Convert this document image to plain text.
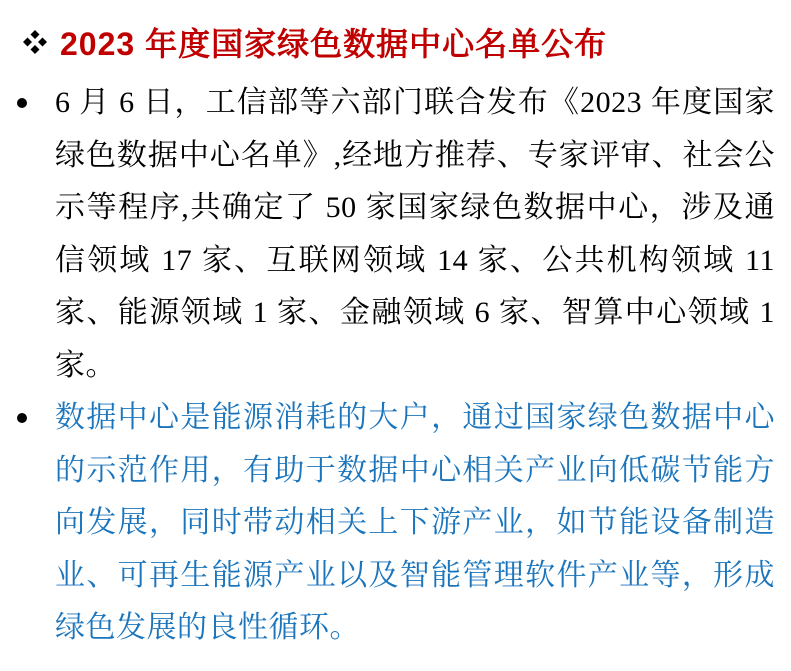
2023 年度国家绿色数据中心名单公布
6 月 6 日，工信部等六部门联合发布《2023 年度国家绿色数据中心名单》,经地方推荐、专家评审、社会公示等程序,共确定了 50 家国家绿色数据中心，涉及通信领域 17 家、互联网领域 14 家、公共机构领域 11 家、能源领域 1 家、金融领域 6 家、智算中心领域 1 家。
数据中心是能源消耗的大户，通过国家绿色数据中心的示范作用，有助于数据中心相关产业向低碳节能方向发展，同时带动相关上下游产业，如节能设备制造业、可再生能源产业以及智能管理软件产业等，形成绿色发展的良性循环。
